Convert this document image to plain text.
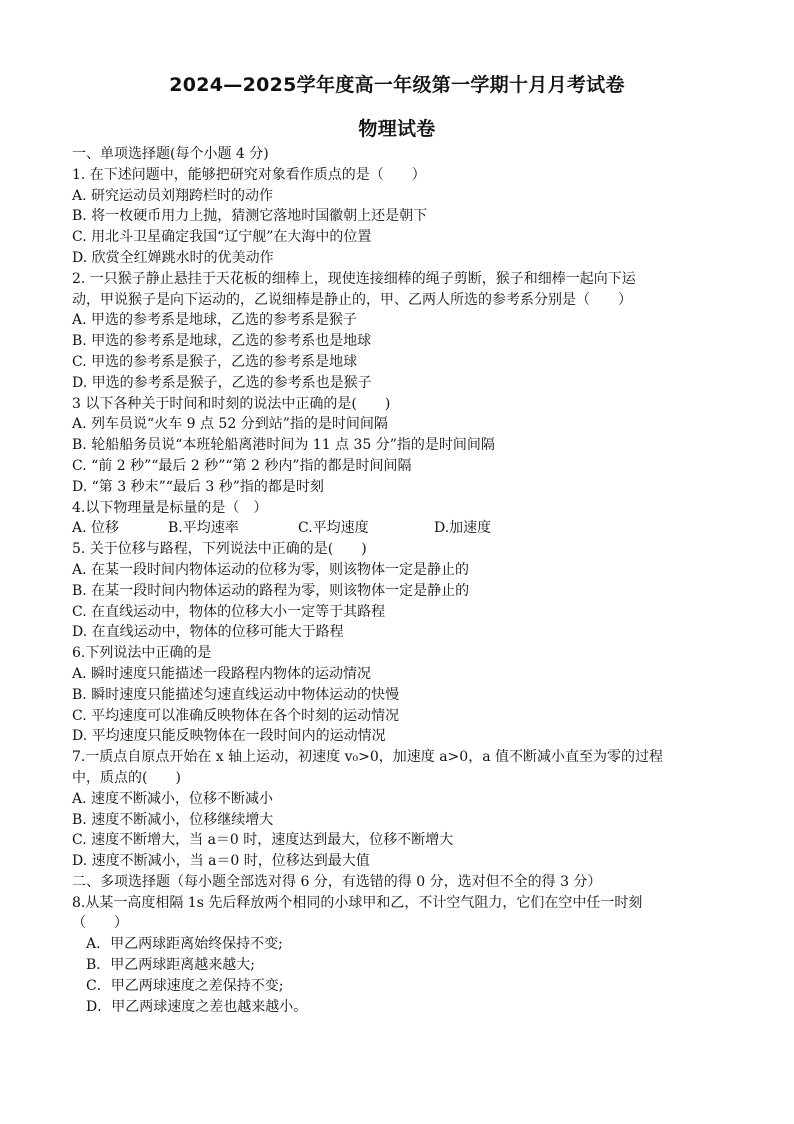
2024—2025学年度高一年级第一学期十月月考试卷
物理试卷
一、单项选择题(每个小题 4 分)
1. 在下述问题中，能够把研究对象看作质点的是（　　）
A. 研究运动员刘翔跨栏时的动作
B. 将一枚硬币用力上抛，猜测它落地时国徽朝上还是朝下
C. 用北斗卫星确定我国“辽宁舰”在大海中的位置
D. 欣赏全红婵跳水时的优美动作
2. 一只猴子静止悬挂于天花板的细棒上，现使连接细棒的绳子剪断，猴子和细棒一起向下运
动，甲说猴子是向下运动的，乙说细棒是静止的，甲、乙两人所选的参考系分别是（　　）
A. 甲选的参考系是地球，乙选的参考系是猴子
B. 甲选的参考系是地球，乙选的参考系也是地球
C. 甲选的参考系是猴子，乙选的参考系是地球
D. 甲选的参考系是猴子，乙选的参考系也是猴子
3 以下各种关于时间和时刻的说法中正确的是(　　)
A. 列车员说“火车 9 点 52 分到站”指的是时间间隔
B. 轮船船务员说“本班轮船离港时间为 11 点 35 分”指的是时间间隔
C. “前 2 秒”“最后 2 秒”“第 2 秒内”指的都是时间间隔
D. “第 3 秒末”“最后 3 秒”指的都是时刻
4.以下物理量是标量的是（　）
A. 位移	B.平均速率	C.平均速度	D.加速度
5. 关于位移与路程，下列说法中正确的是(　　)
A. 在某一段时间内物体运动的位移为零，则该物体一定是静止的
B. 在某一段时间内物体运动的路程为零，则该物体一定是静止的
C. 在直线运动中，物体的位移大小一定等于其路程
D. 在直线运动中，物体的位移可能大于路程
6.下列说法中正确的是
A. 瞬时速度只能描述一段路程内物体的运动情况
B. 瞬时速度只能描述匀速直线运动中物体运动的快慢
C. 平均速度可以准确反映物体在各个时刻的运动情况
D. 平均速度只能反映物体在一段时间内的运动情况
7.一质点自原点开始在 x 轴上运动，初速度 v₀>0，加速度 a>0，a 值不断减小直至为零的过程
中，质点的(　　)
A. 速度不断减小，位移不断减小
B. 速度不断减小，位移继续增大
C. 速度不断增大，当 a＝0 时，速度达到最大，位移不断增大
D. 速度不断减小，当 a＝0 时，位移达到最大值
二、多项选择题（每小题全部选对得 6 分，有选错的得 0 分，选对但不全的得 3 分）
8.从某一高度相隔 1s 先后释放两个相同的小球甲和乙，不计空气阻力，它们在空中任一时刻
（　　）
A．甲乙两球距离始终保持不变;
B．甲乙两球距离越来越大;
C．甲乙两球速度之差保持不变;
D．甲乙两球速度之差也越来越小。
